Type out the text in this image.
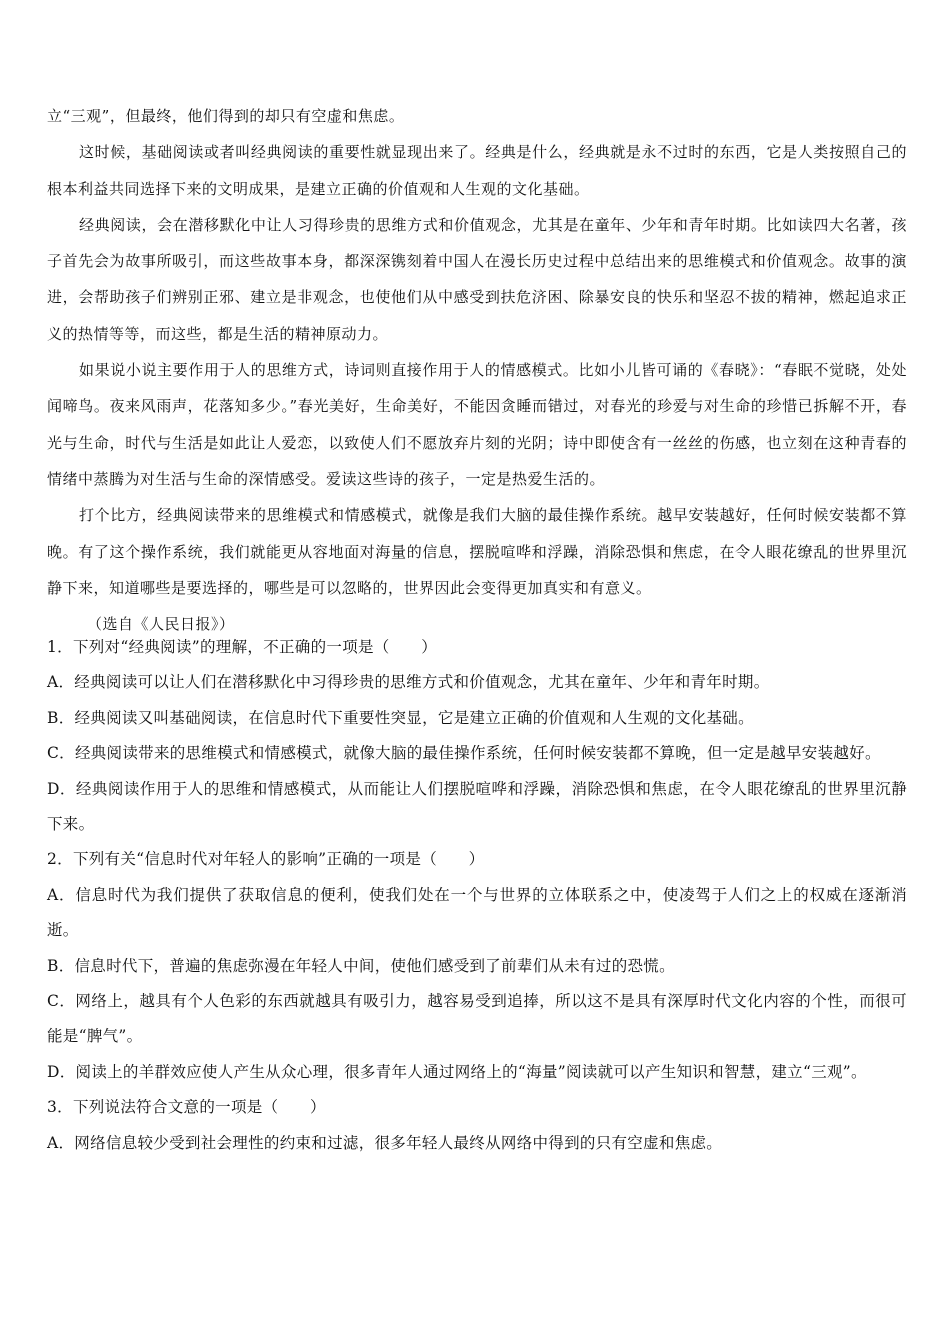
立“三观”，但最终，他们得到的却只有空虚和焦虑。

这时候，基础阅读或者叫经典阅读的重要性就显现出来了。经典是什么，经典就是永不过时的东西，它是人类按照自己的根本利益共同选择下来的文明成果，是建立正确的价值观和人生观的文化基础。

经典阅读，会在潜移默化中让人习得珍贵的思维方式和价值观念，尤其是在童年、少年和青年时期。比如读四大名著，孩子首先会为故事所吸引，而这些故事本身，都深深镌刻着中国人在漫长历史过程中总结出来的思维模式和价值观念。故事的演进，会帮助孩子们辨别正邪、建立是非观念，也使他们从中感受到扶危济困、除暴安良的快乐和坚忍不拔的精神，燃起追求正义的热情等等，而这些，都是生活的精神原动力。

如果说小说主要作用于人的思维方式，诗词则直接作用于人的情感模式。比如小儿皆可诵的《春晓》：“春眠不觉晓，处处闻啼鸟。夜来风雨声，花落知多少。”春光美好，生命美好，不能因贪睡而错过，对春光的珍爱与对生命的珍惜已拆解不开，春光与生命，时代与生活是如此让人爱恋，以致使人们不愿放弃片刻的光阴；诗中即使含有一丝丝的伤感，也立刻在这种青春的情绪中蒸腾为对生活与生命的深情感受。爱读这些诗的孩子，一定是热爱生活的。

打个比方，经典阅读带来的思维模式和情感模式，就像是我们大脑的最佳操作系统。越早安装越好，任何时候安装都不算晚。有了这个操作系统，我们就能更从容地面对海量的信息，摆脱喧哗和浮躁，消除恐惧和焦虑，在令人眼花缭乱的世界里沉静下来，知道哪些是要选择的，哪些是可以忽略的，世界因此会变得更加真实和有意义。

（选自《人民日报》）

1．下列对“经典阅读”的理解，不正确的一项是（　　）

A．经典阅读可以让人们在潜移默化中习得珍贵的思维方式和价值观念，尤其在童年、少年和青年时期。

B．经典阅读又叫基础阅读，在信息时代下重要性突显，它是建立正确的价值观和人生观的文化基础。

C．经典阅读带来的思维模式和情感模式，就像大脑的最佳操作系统，任何时候安装都不算晚，但一定是越早安装越好。

D．经典阅读作用于人的思维和情感模式，从而能让人们摆脱喧哗和浮躁，消除恐惧和焦虑，在令人眼花缭乱的世界里沉静下来。

2．下列有关“信息时代对年轻人的影响”正确的一项是（　　）

A．信息时代为我们提供了获取信息的便利，使我们处在一个与世界的立体联系之中，使凌驾于人们之上的权威在逐渐消逝。

B．信息时代下，普遍的焦虑弥漫在年轻人中间，使他们感受到了前辈们从未有过的恐慌。

C．网络上，越具有个人色彩的东西就越具有吸引力，越容易受到追捧，所以这不是具有深厚时代文化内容的个性，而很可能是“脾气”。

D．阅读上的羊群效应使人产生从众心理，很多青年人通过网络上的“海量”阅读就可以产生知识和智慧，建立“三观”。

3．下列说法符合文意的一项是（　　）

A．网络信息较少受到社会理性的约束和过滤，很多年轻人最终从网络中得到的只有空虚和焦虑。
